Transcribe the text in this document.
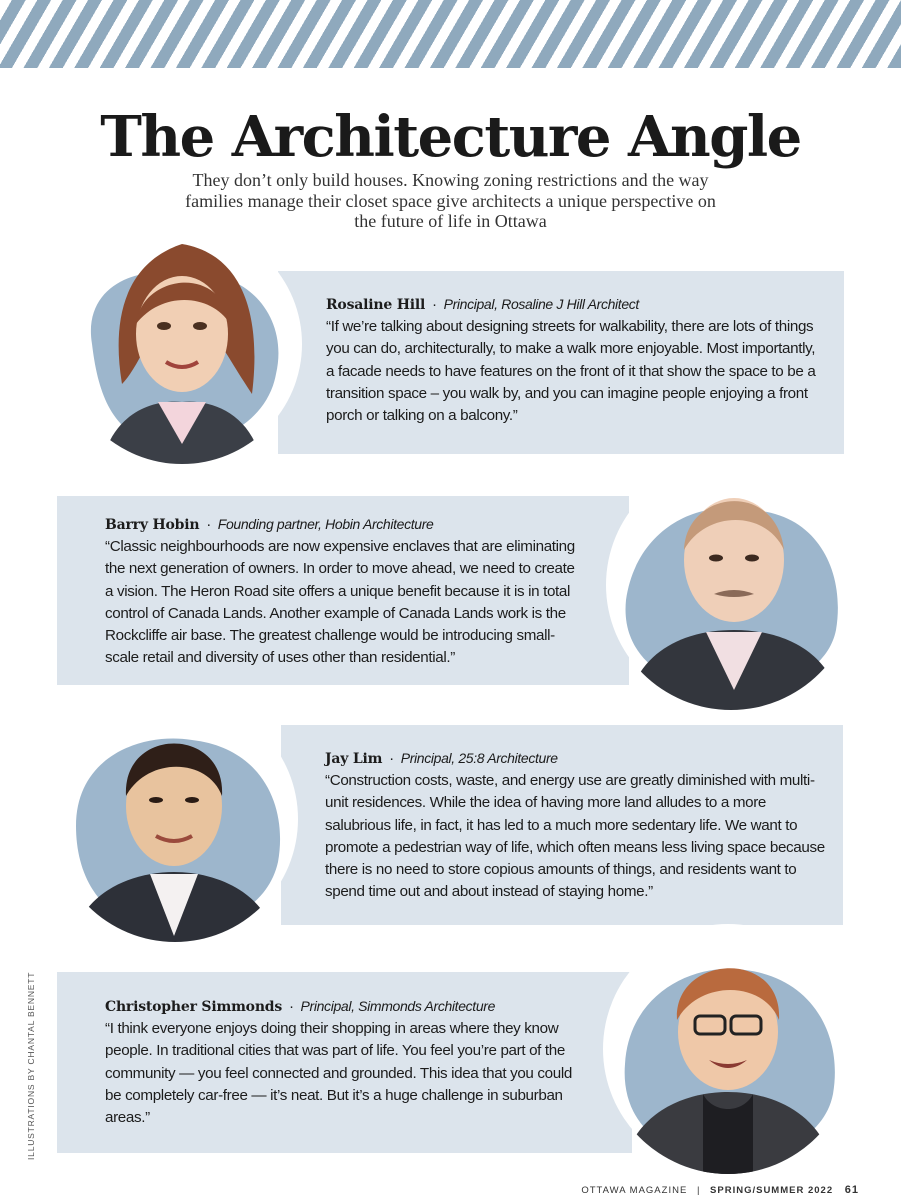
The Architecture Angle
They don’t only build houses. Knowing zoning restrictions and the way families manage their closet space give architects a unique perspective on the future of life in Ottawa
Rosaline Hill · Principal, Rosaline J Hill Architect
“If we’re talking about designing streets for walkability, there are lots of things you can do, architecturally, to make a walk more enjoyable. Most importantly, a facade needs to have features on the front of it that show the space to be a transition space – you walk by, and you can imagine people enjoying a front porch or talking on a balcony.”
Barry Hobin · Founding partner, Hobin Architecture
“Classic neighbourhoods are now expensive enclaves that are eliminating the next generation of owners. In order to move ahead, we need to create a vision. The Heron Road site offers a unique benefit because it is in total control of Canada Lands. Another example of Canada Lands work is the Rockcliffe air base. The greatest challenge would be introducing small-scale retail and diversity of uses other than residential.”
Jay Lim · Principal, 25:8 Architecture
“Construction costs, waste, and energy use are greatly diminished with multi-unit residences. While the idea of having more land alludes to a more salubrious life, in fact, it has led to a much more sedentary life. We want to promote a pedestrian way of life, which often means less living space because there is no need to store copious amounts of things, and residents want to spend time out and about instead of staying home.”
Christopher Simmonds · Principal, Simmonds Architecture
“I think everyone enjoys doing their shopping in areas where they know people. In traditional cities that was part of life. You feel you’re part of the community — you feel connected and grounded. This idea that you could be completely car-free — it’s neat. But it’s a huge challenge in suburban areas.”
ILLUSTRATIONS BY CHANTAL BENNETT
OTTAWA MAGAZINE | SPRING/SUMMER 2022 61
